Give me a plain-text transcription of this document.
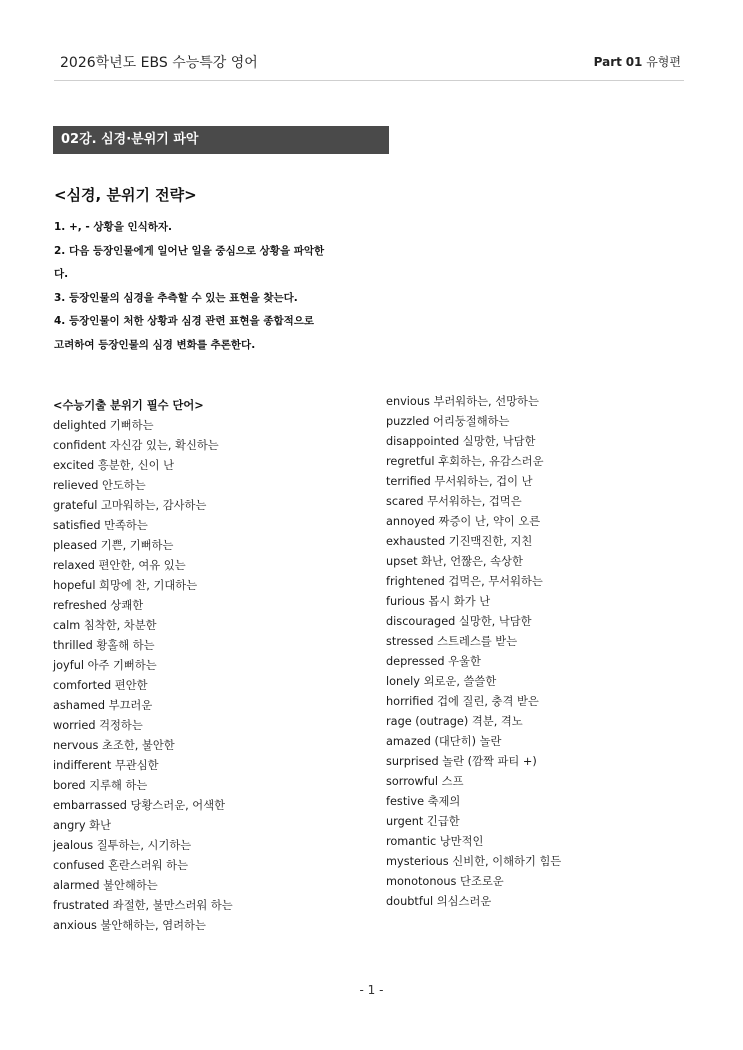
2026학년도 EBS 수능특강 영어	Part 01 유형편
02강. 심경·분위기 파악
<심경, 분위기 전략>
1. +, - 상황을 인식하자.
2. 다음 등장인물에게 일어난 일을 중심으로 상황을 파악한
다.
3. 등장인물의 심경을 추측할 수 있는 표현을 찾는다.
4. 등장인물이 처한 상황과 심경 관련 표현을 종합적으로
고려하여 등장인물의 심경 변화를 추론한다.
<수능기출 분위기 필수 단어>
delighted 기뻐하는
confident 자신감 있는, 확신하는
excited 흥분한, 신이 난
relieved 안도하는
grateful 고마워하는, 감사하는
satisfied 만족하는
pleased 기쁜, 기뻐하는
relaxed 편안한, 여유 있는
hopeful 희망에 찬, 기대하는
refreshed 상쾌한
calm 침착한, 차분한
thrilled 황홀해 하는
joyful 아주 기뻐하는
comforted 편안한
ashamed 부끄러운
worried 걱정하는
nervous 초조한, 불안한
indifferent 무관심한
bored 지루해 하는
embarrassed 당황스러운, 어색한
angry 화난
jealous 질투하는, 시기하는
confused 혼란스러워 하는
alarmed 불안해하는
frustrated 좌절한, 불만스러워 하는
anxious 불안해하는, 염려하는
envious 부러워하는, 선망하는
puzzled 어리둥절해하는
disappointed 실망한, 낙담한
regretful 후회하는, 유감스러운
terrified 무서워하는, 겁이 난
scared 무서워하는, 겁먹은
annoyed 짜증이 난, 약이 오른
exhausted 기진맥진한, 지친
upset 화난, 언짢은, 속상한
frightened 겁먹은, 무서워하는
furious 몹시 화가 난
discouraged 실망한, 낙담한
stressed 스트레스를 받는
depressed 우울한
lonely 외로운, 쓸쓸한
horrified 겁에 질린, 충격 받은
rage (outrage) 격분, 격노
amazed (대단히) 놀란
surprised 놀란 (깜짝 파티 +)
sorrowful 스프
festive 축제의
urgent 긴급한
romantic 낭만적인
mysterious 신비한, 이해하기 힘든
monotonous 단조로운
doubtful 의심스러운
- 1 -
